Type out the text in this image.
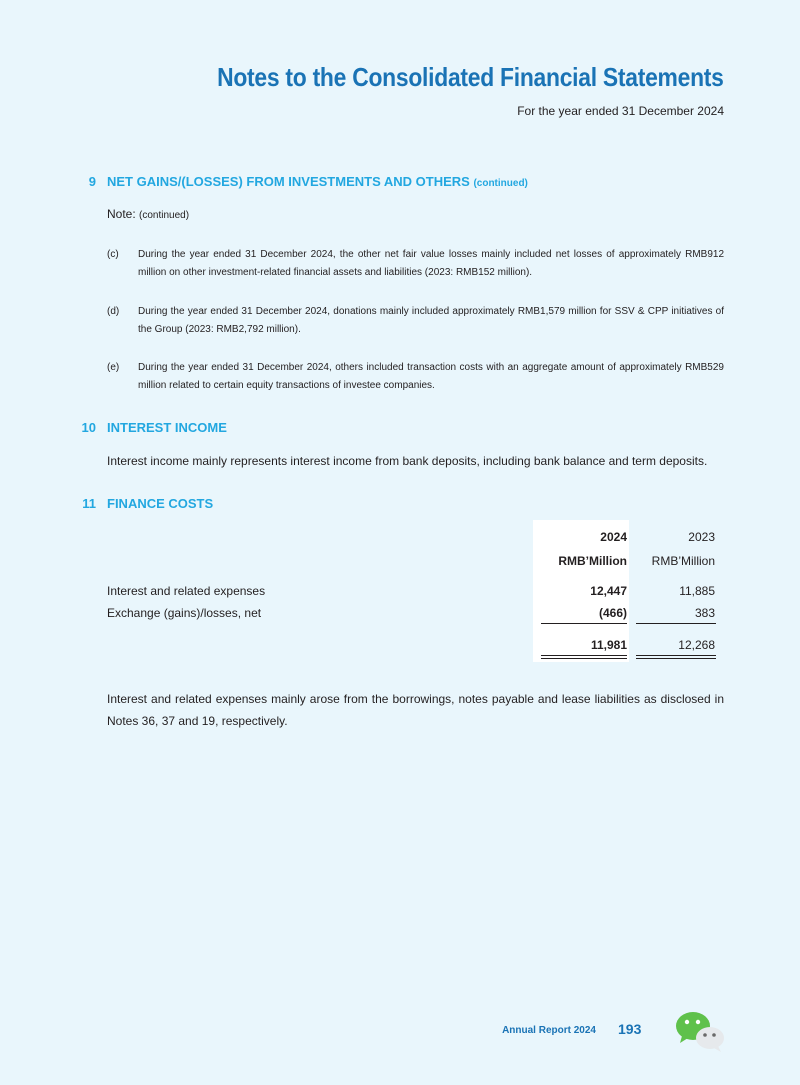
Notes to the Consolidated Financial Statements
For the year ended 31 December 2024
9 NET GAINS/(LOSSES) FROM INVESTMENTS AND OTHERS (continued)
Note: (continued)
(c) During the year ended 31 December 2024, the other net fair value losses mainly included net losses of approximately RMB912 million on other investment-related financial assets and liabilities (2023: RMB152 million).
(d) During the year ended 31 December 2024, donations mainly included approximately RMB1,579 million for SSV & CPP initiatives of the Group (2023: RMB2,792 million).
(e) During the year ended 31 December 2024, others included transaction costs with an aggregate amount of approximately RMB529 million related to certain equity transactions of investee companies.
10 INTEREST INCOME
Interest income mainly represents interest income from bank deposits, including bank balance and term deposits.
11 FINANCE COSTS
2024	2023
RMB’Million RMB’Million
Interest and related expenses	12,447	11,885
Exchange (gains)/losses, net	(466)	383
11,981	12,268
Interest and related expenses mainly arose from the borrowings, notes payable and lease liabilities as disclosed in Notes 36, 37 and 19, respectively.
Annual Report 2024 193
